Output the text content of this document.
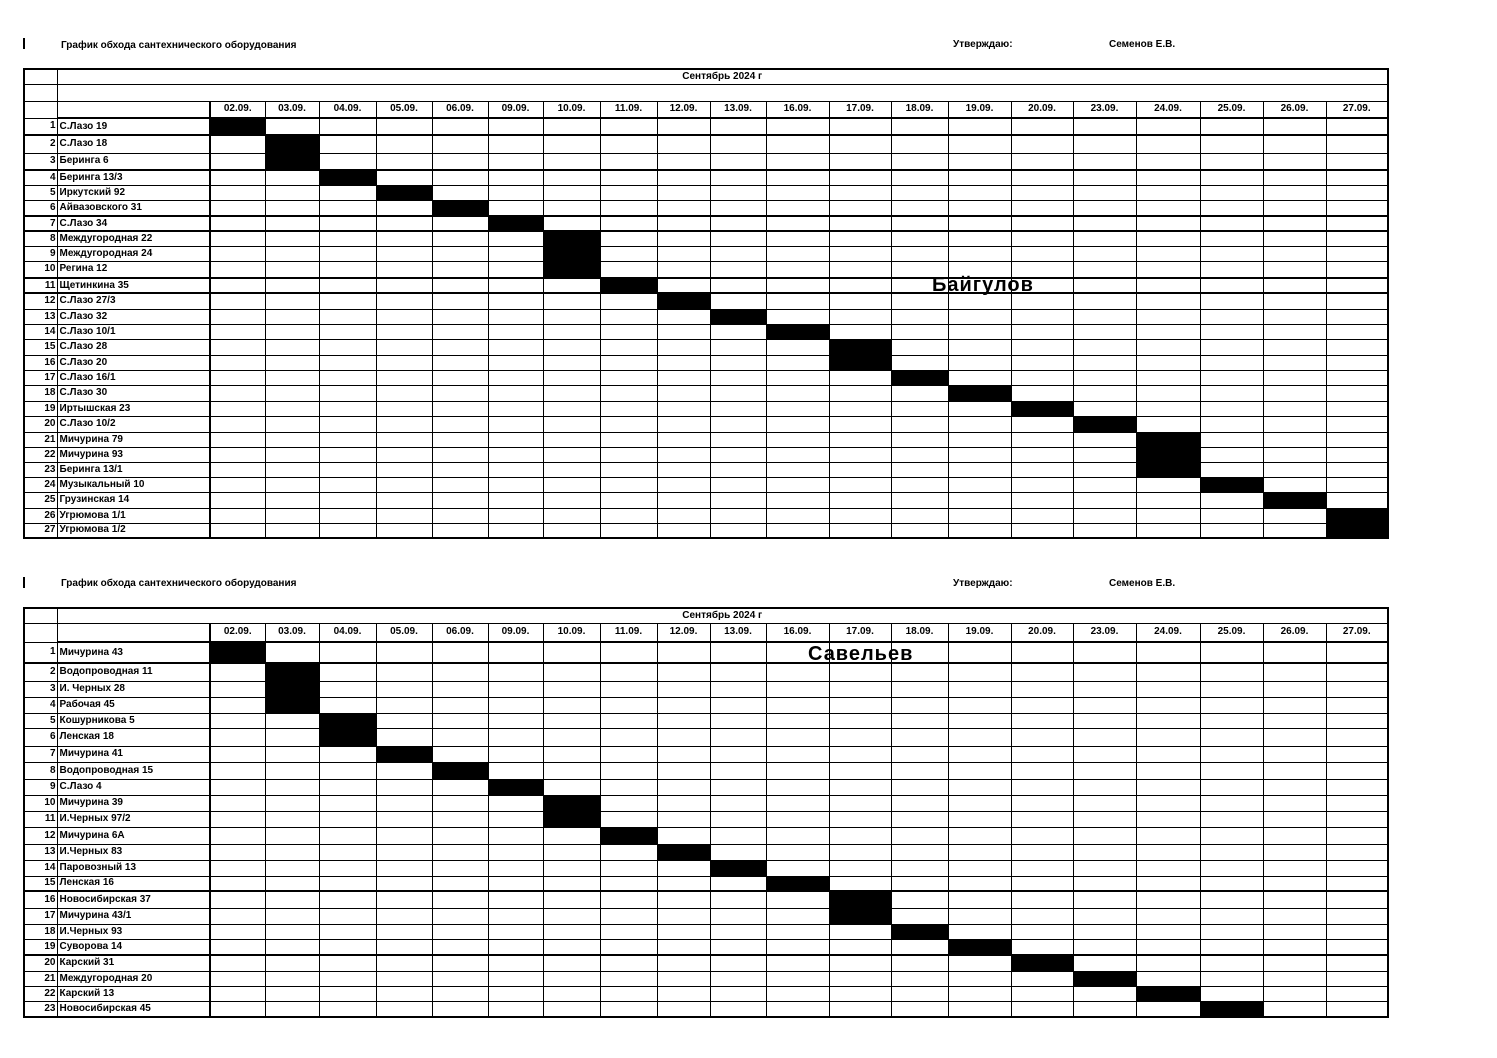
График обхода сантехнического оборудования	Утверждаю:	Семенов Е.В.
	Сентябрь 2024 г																				

		02.09.	03.09.	04.09.	05.09.	06.09.	09.09.	10.09.	11.09.	12.09.	13.09.	16.09.	17.09.	18.09.	19.09.	20.09.	23.09.	24.09.	25.09.	26.09.	27.09.
1	С.Лазо 19																				
2	С.Лазо 18																				
3	Беринга 6																				
4	Беринга 13/3																				
5	Иркутский 92																				
6	Айвазовского 31																				
7	С.Лазо 34																				
8	Междугородная 22																				
9	Междугородная 24																				
10	Регина 12																				
11	Щетинкина 35																				
12	С.Лазо 27/3																				
13	С.Лазо 32																				
14	С.Лазо 10/1																				
15	С.Лазо 28																				
16	С.Лазо 20																				
17	С.Лазо 16/1																				
18	С.Лазо 30																				
19	Иртышская 23																				
20	С.Лазо 10/2																				
21	Мичурина 79																				
22	Мичурина 93																				
23	Беринга 13/1																				
24	Музыкальный 10																				
25	Грузинская 14																				
26	Угрюмова 1/1																				
27	Угрюмова 1/2																				
Байгулов
График обхода сантехнического оборудования	Утверждаю:	Семенов Е.В.
	Сентябрь 2024 г																				
		02.09.	03.09.	04.09.	05.09.	06.09.	09.09.	10.09.	11.09.	12.09.	13.09.	16.09.	17.09.	18.09.	19.09.	20.09.	23.09.	24.09.	25.09.	26.09.	27.09.
1	Мичурина 43																				
2	Водопроводная 11																				
3	И. Черных 28																				
4	Рабочая 45																				
5	Кошурникова 5																				
6	Ленская 18																				
7	Мичурина 41																				
8	Водопроводная 15																				
9	С.Лазо 4																				
10	Мичурина 39																				
11	И.Черных 97/2																				
12	Мичурина 6А																				
13	И.Черных 83																				
14	Паровозный 13																				
15	Ленская 16																				
16	Новосибирская 37																				
17	Мичурина 43/1																				
18	И.Черных 93																				
19	Суворова 14																				
20	Карский 31																				
21	Междугородная 20																				
22	Карский 13																				
23	Новосибирская 45																				
Савельев
